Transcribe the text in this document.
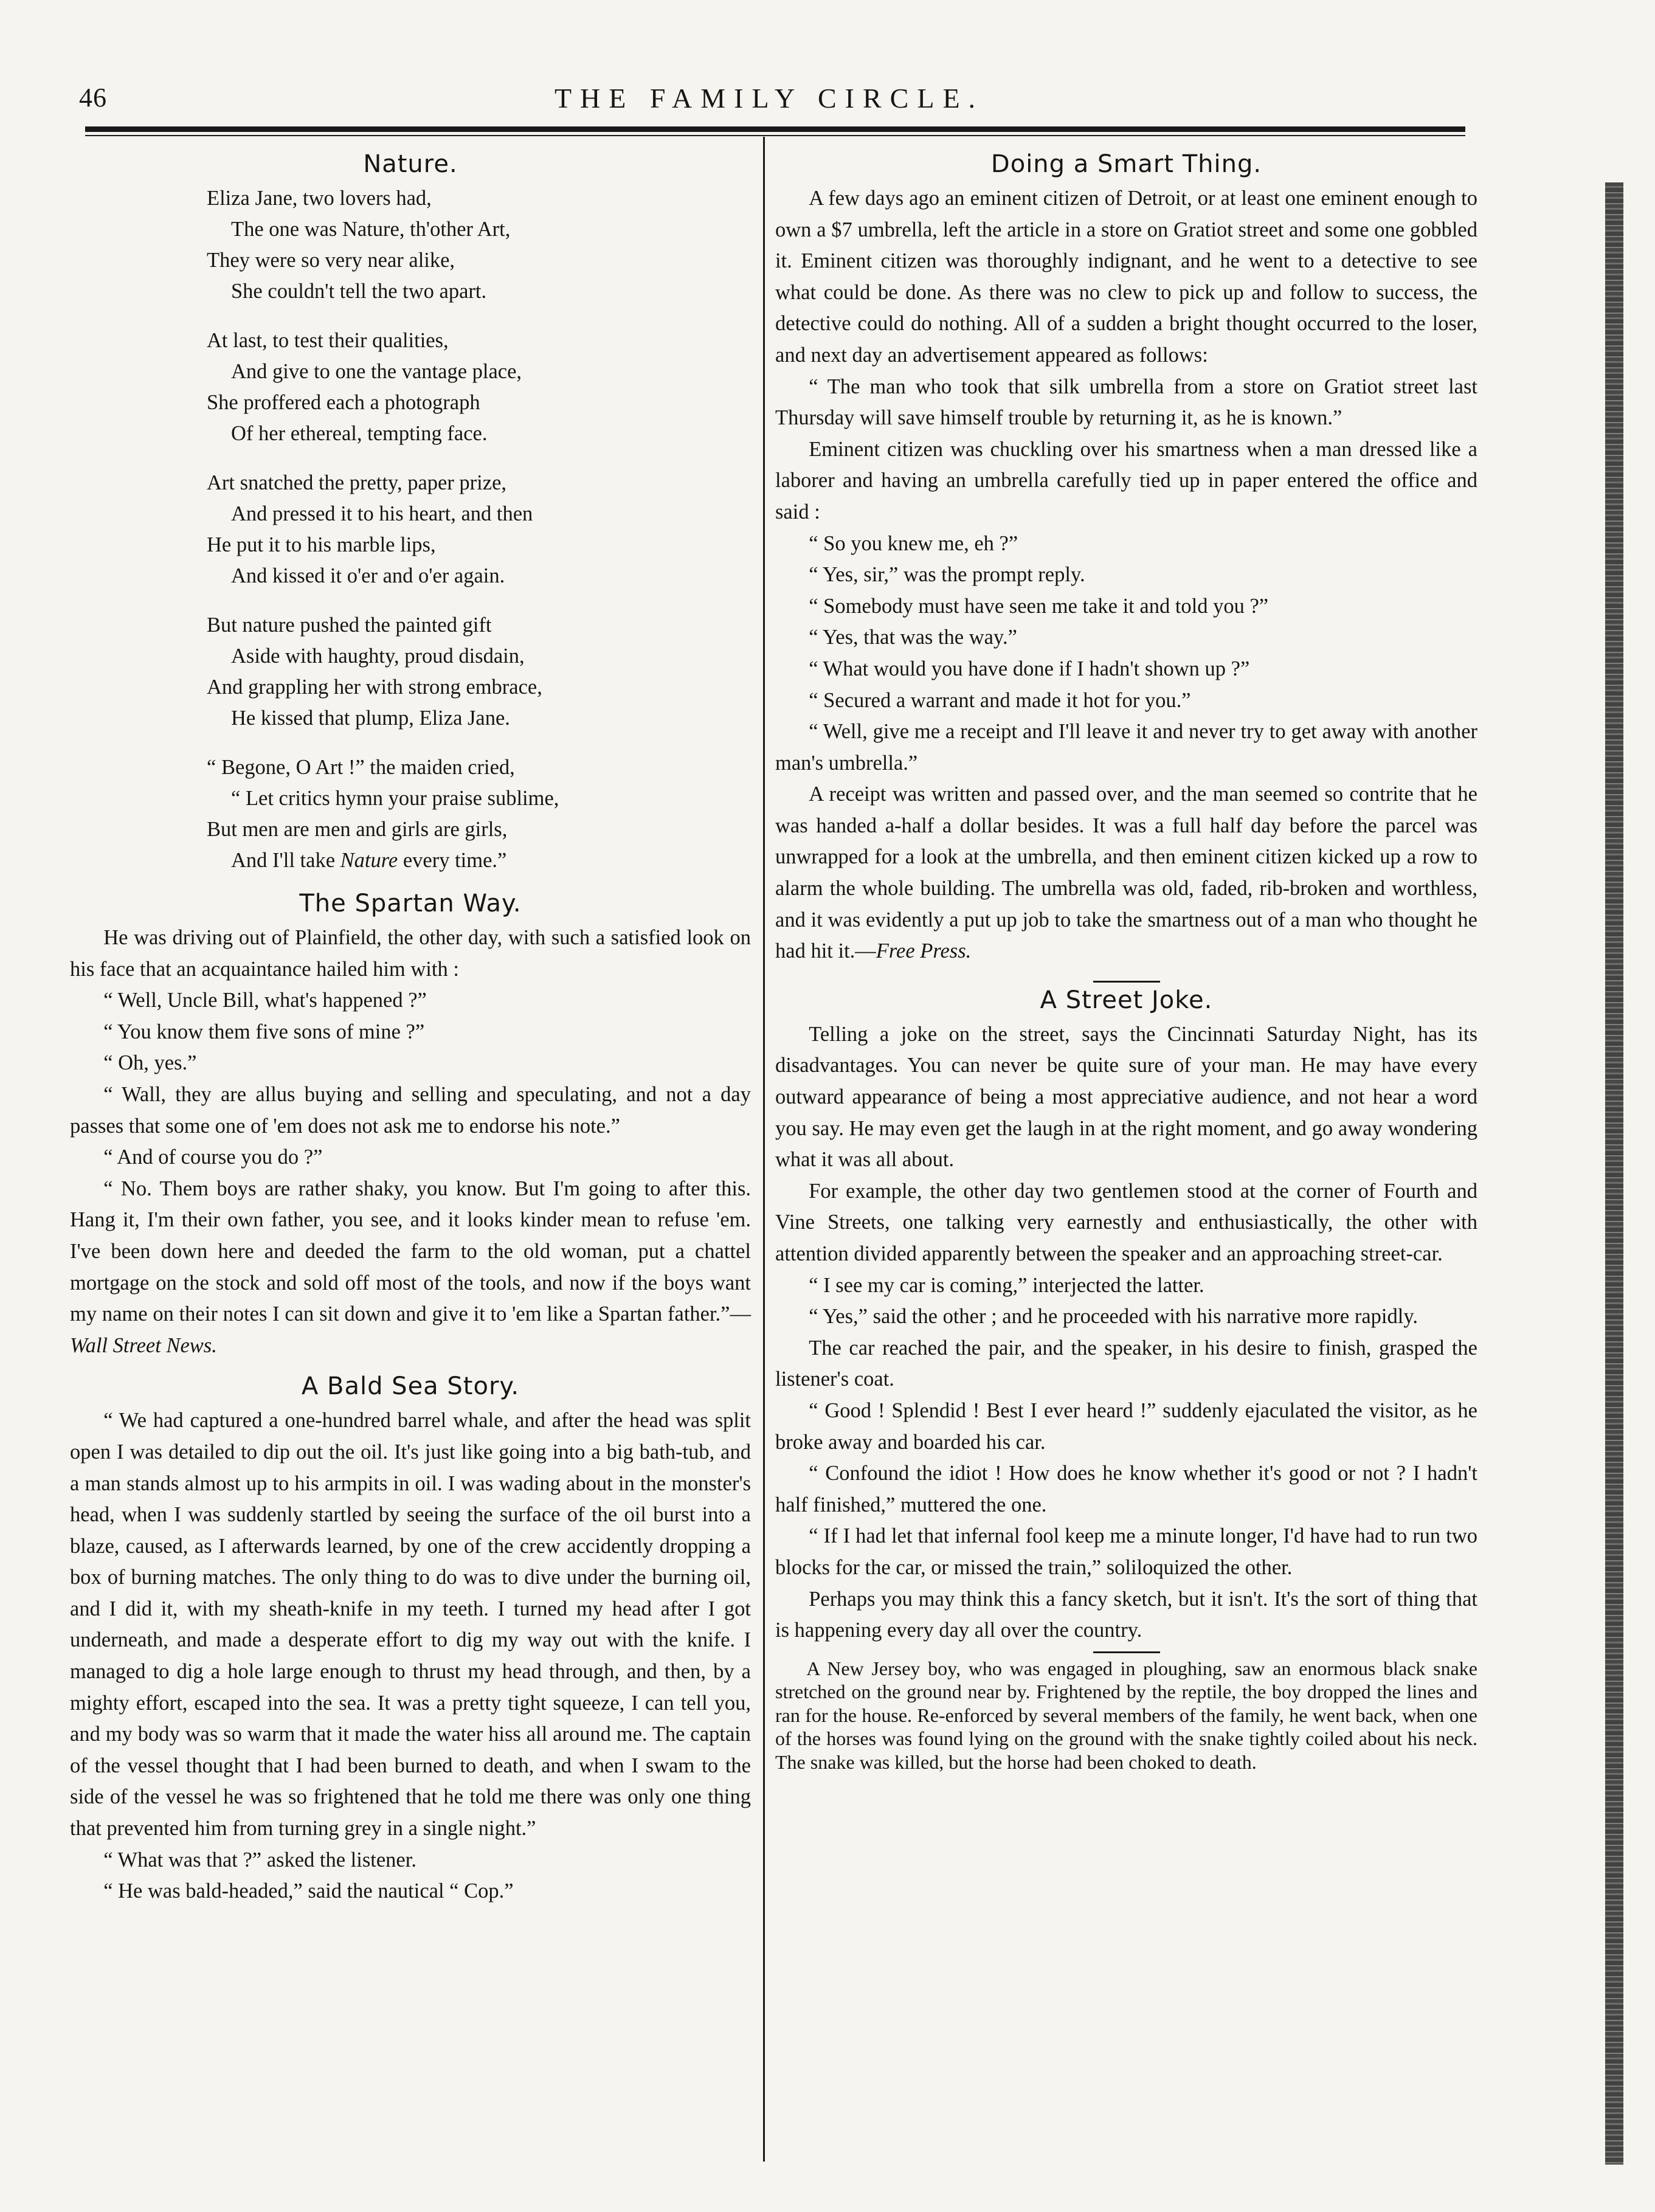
46	THE FAMILY CIRCLE.
Nature.
Eliza Jane, two lovers had,
The one was Nature, th'other Art,
They were so very near alike,
She couldn't tell the two apart.
At last, to test their qualities,
And give to one the vantage place,
She proffered each a photograph
Of her ethereal, tempting face.
Art snatched the pretty, paper prize,
And pressed it to his heart, and then
He put it to his marble lips,
And kissed it o'er and o'er again.
But nature pushed the painted gift
Aside with haughty, proud disdain,
And grappling her with strong embrace,
He kissed that plump, Eliza Jane.
“ Begone, O Art !” the maiden cried,
“ Let critics hymn your praise sublime,
But men are men and girls are girls,
And I'll take Nature every time.”
The Spartan Way.

He was driving out of Plainfield, the other day, with such a satisfied look on his face that an acquaintance hailed him with :

“ Well, Uncle Bill, what's happened ?”

“ You know them five sons of mine ?”

“ Oh, yes.”

“ Wall, they are allus buying and selling and speculating, and not a day passes that some one of 'em does not ask me to endorse his note.”

“ And of course you do ?”

“ No. Them boys are rather shaky, you know. But I'm going to after this. Hang it, I'm their own father, you see, and it looks kinder mean to refuse 'em. I've been down here and deeded the farm to the old woman, put a chattel mortgage on the stock and sold off most of the tools, and now if the boys want my name on their notes I can sit down and give it to 'em like a Spartan father.”—Wall Street News.

A Bald Sea Story.

“ We had captured a one-hundred barrel whale, and after the head was split open I was detailed to dip out the oil. It's just like going into a big bath-tub, and a man stands almost up to his armpits in oil. I was wading about in the monster's head, when I was suddenly startled by seeing the surface of the oil burst into a blaze, caused, as I afterwards learned, by one of the crew accidently dropping a box of burning matches. The only thing to do was to dive under the burning oil, and I did it, with my sheath-knife in my teeth. I turned my head after I got underneath, and made a desperate effort to dig my way out with the knife. I managed to dig a hole large enough to thrust my head through, and then, by a mighty effort, escaped into the sea. It was a pretty tight squeeze, I can tell you, and my body was so warm that it made the water hiss all around me. The captain of the vessel thought that I had been burned to death, and when I swam to the side of the vessel he was so frightened that he told me there was only one thing that prevented him from turning grey in a single night.”

“ What was that ?” asked the listener.

“ He was bald-headed,” said the nautical “ Cop.”

Doing a Smart Thing.

A few days ago an eminent citizen of Detroit, or at least one eminent enough to own a $7 umbrella, left the article in a store on Gratiot street and some one gobbled it. Eminent citizen was thoroughly indignant, and he went to a detective to see what could be done. As there was no clew to pick up and follow to success, the detective could do nothing. All of a sudden a bright thought occurred to the loser, and next day an advertisement appeared as follows:

“ The man who took that silk umbrella from a store on Gratiot street last Thursday will save himself trouble by returning it, as he is known.”

Eminent citizen was chuckling over his smartness when a man dressed like a laborer and having an umbrella carefully tied up in paper entered the office and said :

“ So you knew me, eh ?”

“ Yes, sir,” was the prompt reply.

“ Somebody must have seen me take it and told you ?”

“ Yes, that was the way.”

“ What would you have done if I hadn't shown up ?”

“ Secured a warrant and made it hot for you.”

“ Well, give me a receipt and I'll leave it and never try to get away with another man's umbrella.”

A receipt was written and passed over, and the man seemed so contrite that he was handed a-half a dollar besides. It was a full half day before the parcel was unwrapped for a look at the umbrella, and then eminent citizen kicked up a row to alarm the whole building. The umbrella was old, faded, rib-broken and worthless, and it was evidently a put up job to take the smartness out of a man who thought he had hit it.—Free Press.

A Street Joke.

Telling a joke on the street, says the Cincinnati Saturday Night, has its disadvantages. You can never be quite sure of your man. He may have every outward appearance of being a most appreciative audience, and not hear a word you say. He may even get the laugh in at the right moment, and go away wondering what it was all about.

For example, the other day two gentlemen stood at the corner of Fourth and Vine Streets, one talking very earnestly and enthusiastically, the other with attention divided apparently between the speaker and an approaching street-car.

“ I see my car is coming,” interjected the latter.

“ Yes,” said the other ; and he proceeded with his narrative more rapidly.

The car reached the pair, and the speaker, in his desire to finish, grasped the listener's coat.

“ Good ! Splendid ! Best I ever heard !” suddenly ejaculated the visitor, as he broke away and boarded his car.

“ Confound the idiot ! How does he know whether it's good or not ? I hadn't half finished,” muttered the one.

“ If I had let that infernal fool keep me a minute longer, I'd have had to run two blocks for the car, or missed the train,” soliloquized the other.

Perhaps you may think this a fancy sketch, but it isn't. It's the sort of thing that is happening every day all over the country.

A New Jersey boy, who was engaged in ploughing, saw an enormous black snake stretched on the ground near by. Frightened by the reptile, the boy dropped the lines and ran for the house. Re-enforced by several members of the family, he went back, when one of the horses was found lying on the ground with the snake tightly coiled about his neck. The snake was killed, but the horse had been choked to death.
